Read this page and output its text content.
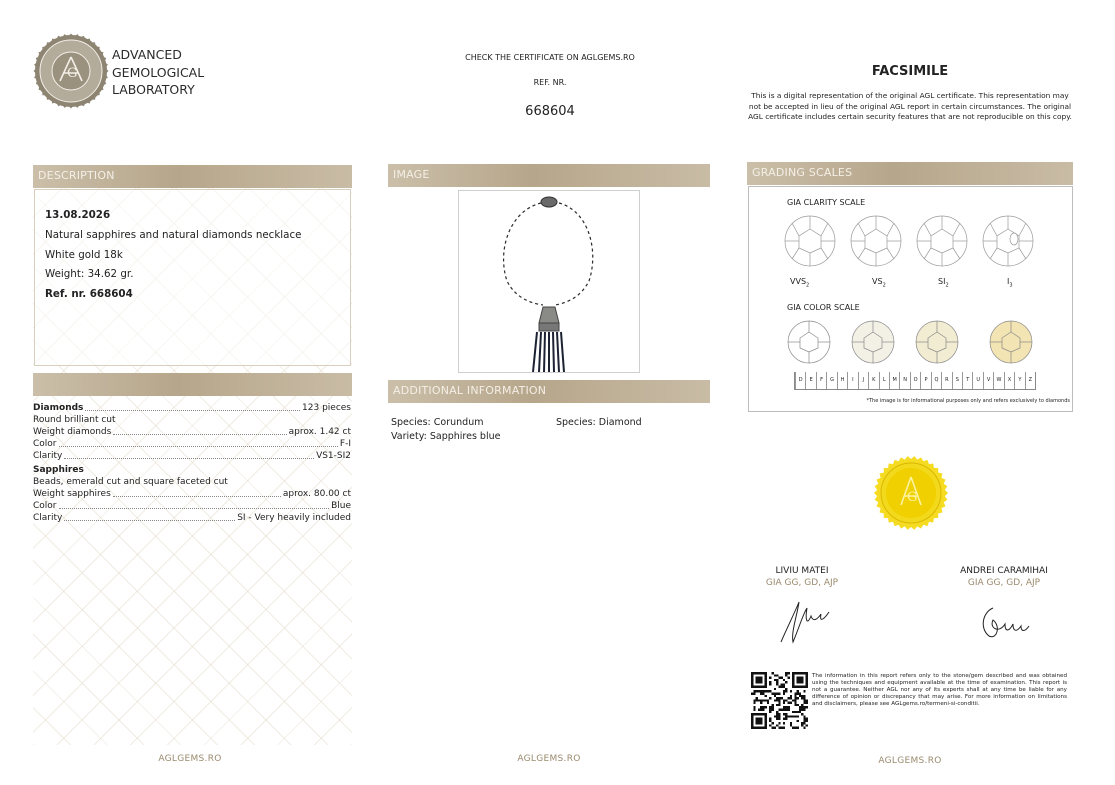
G
ADVANCED
GEMOLOGICAL
LABORATORY
CHECK THE CERTIFICATE ON AGLGEMS.RO
REF. NR.
668604
FACSIMILE
This is a digital representation of the original AGL certificate. This representation may not be accepted in lieu of the original AGL report in certain circumstances. The original AGL certificate includes certain security features that are not reproducible on this copy.
DESCRIPTION
13.08.2026
Natural sapphires and natural diamonds necklace
White gold 18k
Weight: 34.62 gr.
Ref. nr. 668604
Diamonds	123 pieces
Round brilliant cut
Weight diamonds	aprox. 1.42 ct
Color	F-I
Clarity	VS1-SI2
Sapphires
Beads, emerald cut and square faceted cut
Weight sapphires	aprox. 80.00 ct
Color	Blue
Clarity	SI - Very heavily included
AGLGEMS.RO
IMAGE
ADDITIONAL INFORMATION
Species: Corundum
Variety: Sapphires blue
Species: Diamond
AGLGEMS.RO
GRADING SCALES
GIA CLARITY SCALE
$VVS_2$	$VS_2$	$SI_2$	$I_3$
GIA COLOR SCALE
D	E	F	G	H	I	J	K	L	M	N	O	P	Q	R	S	T	U	V	W	X	Y	Z
*The image is for informational purposes only and refers exclusively to diamonds
G
LIVIU MATEI
GIA GG, GD, AJP
ANDREI CARAMIHAI
GIA GG, GD, AJP
The information in this report refers only to the stone/gem described and was obtained using the techniques and equipment available at the time of examination. This report is not a guarantee. Neither AGL nor any of its experts shall at any time be liable for any difference of opinion or discrepancy that may arise. For more information on limitations and disclaimers, please see AGLgems.ro/termeni-si-conditii.
AGLGEMS.RO
